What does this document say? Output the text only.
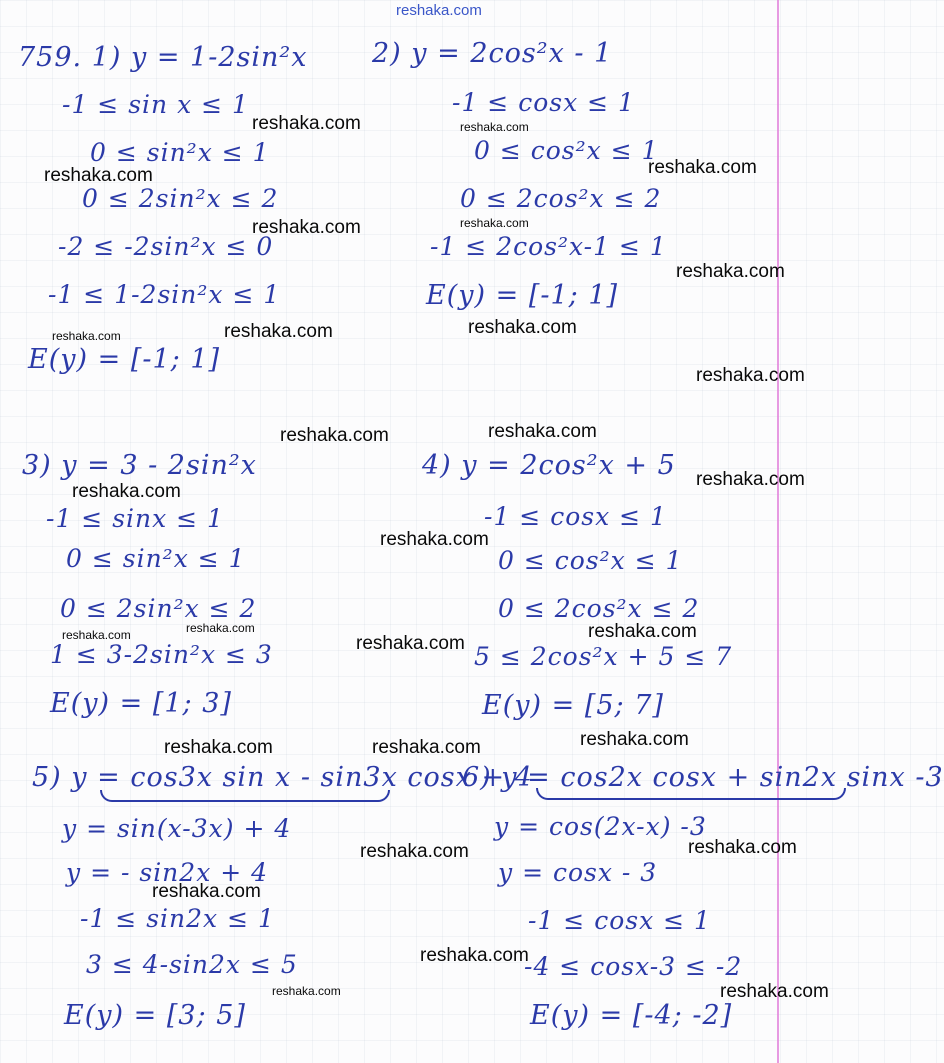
reshaka.com
759. 1) y = 1-2sin²x
-1 ≤ sin x ≤ 1
0 ≤ sin²x ≤ 1
0 ≤ 2sin²x ≤ 2
-2 ≤ -2sin²x ≤ 0
-1 ≤ 1-2sin²x ≤ 1
E(y) = [-1; 1]
2) y = 2cos²x - 1
-1 ≤ cosx ≤ 1
0 ≤ cos²x ≤ 1
0 ≤ 2cos²x ≤ 2
-1 ≤ 2cos²x-1 ≤ 1
E(y) = [-1; 1]
3) y = 3 - 2sin²x
-1 ≤ sinx ≤ 1
0 ≤ sin²x ≤ 1
0 ≤ 2sin²x ≤ 2
1 ≤ 3-2sin²x ≤ 3
E(y) = [1; 3]
4) y = 2cos²x + 5
-1 ≤ cosx ≤ 1
0 ≤ cos²x ≤ 1
0 ≤ 2cos²x ≤ 2
5 ≤ 2cos²x + 5 ≤ 7
E(y) = [5; 7]
5) y = cos3x sin x - sin3x cosx + 4
y = sin(x-3x) + 4
y = - sin2x + 4
-1 ≤ sin2x ≤ 1
3 ≤ 4-sin2x ≤ 5
E(y) = [3; 5]
6) y = cos2x cosx + sin2x sinx -3
y = cos(2x-x) -3
y = cosx - 3
-1 ≤ cosx ≤ 1
-4 ≤ cosx-3 ≤ -2
E(y) = [-4; -2]
reshaka.com	reshaka.com
reshaka.com	reshaka.com
reshaka.com	reshaka.com
reshaka.com
reshaka.com
reshaka.com	reshaka.com
reshaka.com
reshaka.com	reshaka.com
reshaka.com
reshaka.com
reshaka.com
reshaka.com	reshaka.com
reshaka.com
reshaka.com
reshaka.com
reshaka.com	reshaka.com
reshaka.com	reshaka.com
reshaka.com
reshaka.com
reshaka.com
reshaka.com
